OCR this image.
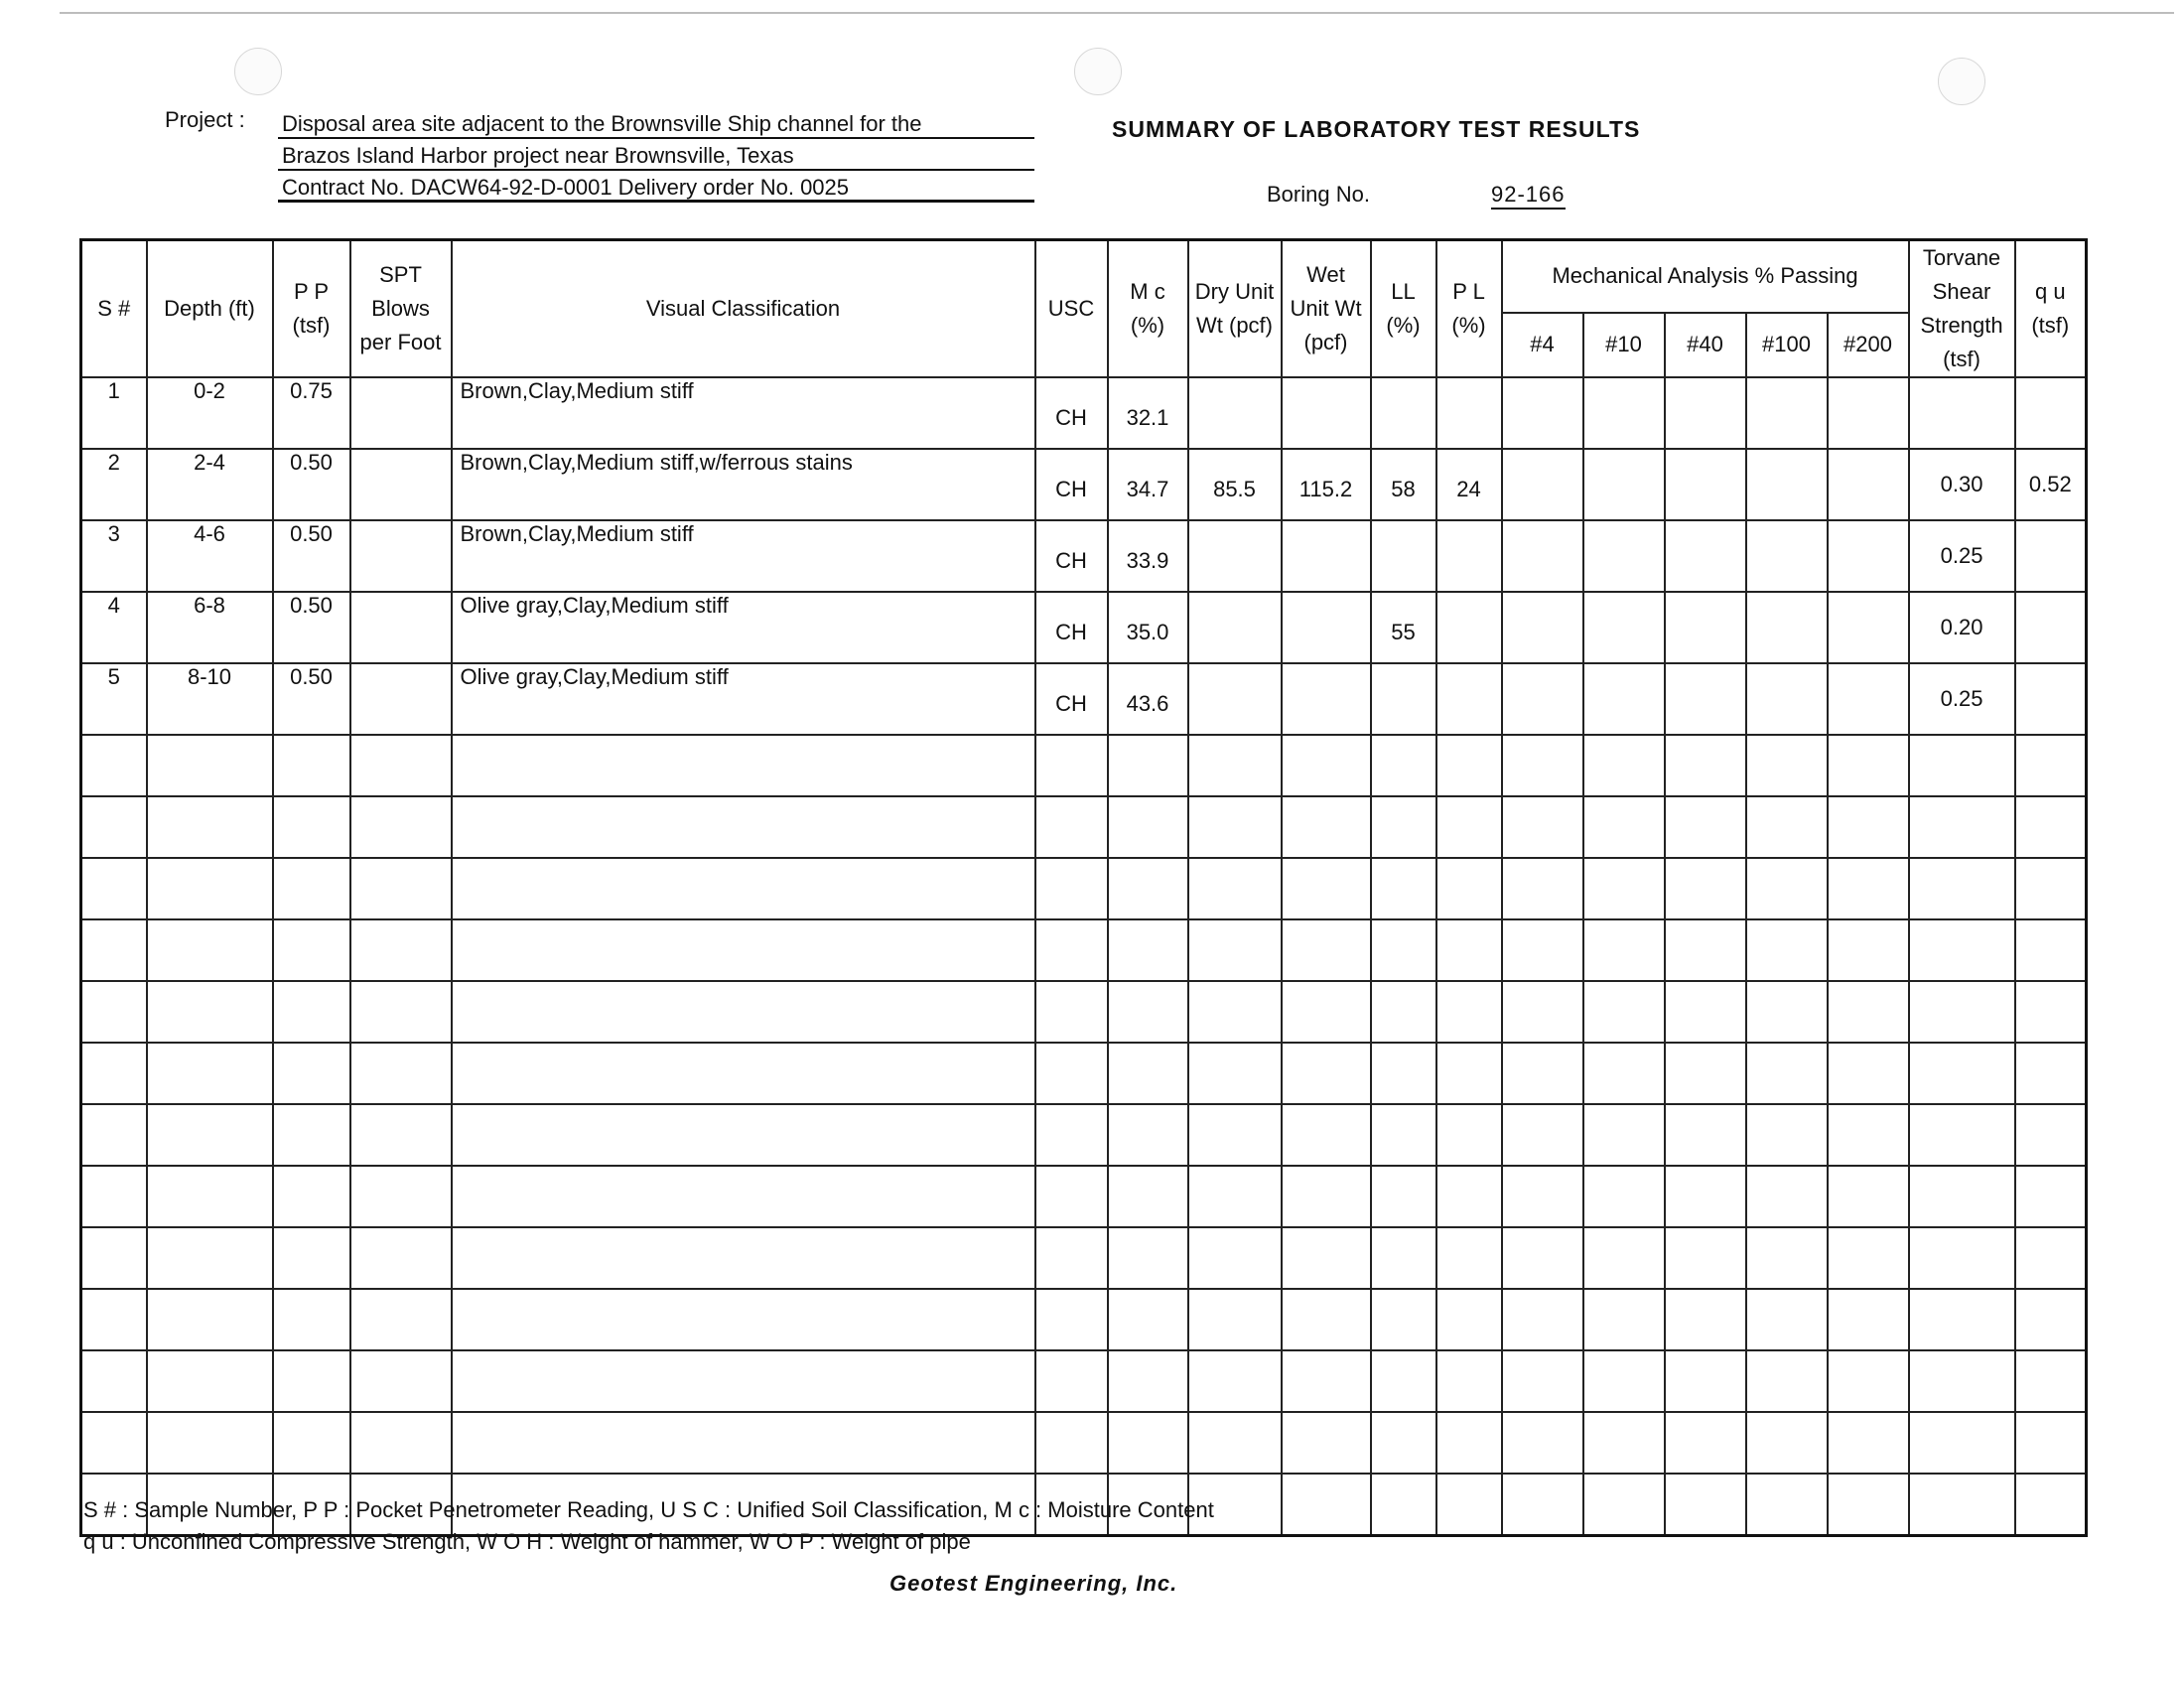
Project : Disposal area site adjacent to the Brownsville Ship channel for the
Brazos Island Harbor project near Brownsville, Texas
Contract No. DACW64-92-D-0001 Delivery order No. 0025
SUMMARY OF LABORATORY TEST RESULTS
Boring No.	92-166
S #	Depth (ft)	P P (tsf)	SPT Blows per Foot	Visual Classification	USC	M c (%)	Dry Unit Wt (pcf)	Wet Unit Wt (pcf)	LL (%)	P L (%)	Mechanical Analysis % Passing					Torvane Shear Strength (tsf)	q u (tsf)
											#4	#10	#40	#100	#200		
1	0-2	0.75		Brown,Clay,Medium stiff	CH	32.1											
2	2-4	0.50		Brown,Clay,Medium stiff,w/ferrous stains	CH	34.7	85.5	115.2	58	24						0.30	0.52
3	4-6	0.50		Brown,Clay,Medium stiff	CH	33.9										0.25	
4	6-8	0.50		Olive gray,Clay,Medium stiff	CH	35.0			55							0.20	
5	8-10	0.50		Olive gray,Clay,Medium stiff	CH	43.6										0.25	

S # : Sample Number, P P : Pocket Penetrometer Reading, U S C : Unified Soil Classification, M c : Moisture Content
q u : Unconfined Compressive Strength, W O H : Weight of hammer, W O P : Weight of pipe
Geotest Engineering, Inc.
